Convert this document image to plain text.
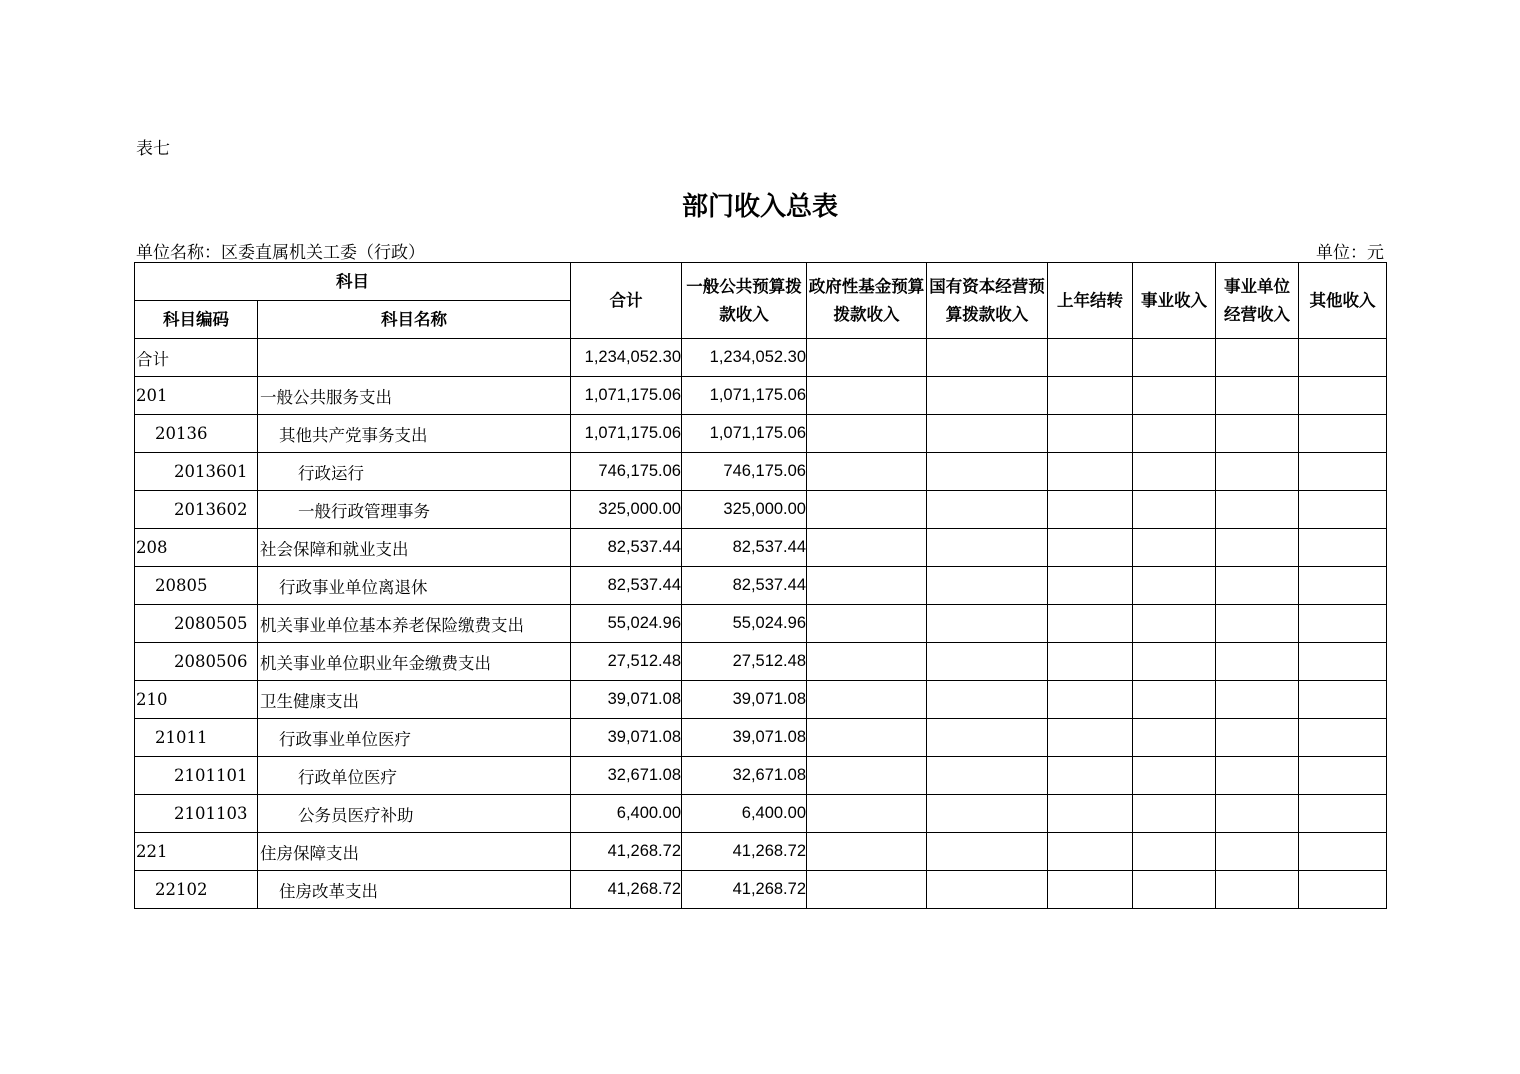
表七
部门收入总表
单位名称：区委直属机关工委（行政）	单位：元
科目		合计	一般公共预算拨款收入	政府性基金预算拨款收入	国有资本经营预算拨款收入	上年结转	事业收入	事业单位经营收入	其他收入
科目编码	科目名称								
合计		1,234,052.30	1,234,052.30						
201	一般公共服务支出	1,071,175.06	1,071,175.06						
20136	其他共产党事务支出	1,071,175.06	1,071,175.06						
2013601	行政运行	746,175.06	746,175.06						
2013602	一般行政管理事务	325,000.00	325,000.00						
208	社会保障和就业支出	82,537.44	82,537.44						
20805	行政事业单位离退休	82,537.44	82,537.44						
2080505	机关事业单位基本养老保险缴费支出	55,024.96	55,024.96						
2080506	机关事业单位职业年金缴费支出	27,512.48	27,512.48						
210	卫生健康支出	39,071.08	39,071.08						
21011	行政事业单位医疗	39,071.08	39,071.08						
2101101	行政单位医疗	32,671.08	32,671.08						
2101103	公务员医疗补助	6,400.00	6,400.00						
221	住房保障支出	41,268.72	41,268.72						
22102	住房改革支出	41,268.72	41,268.72						
